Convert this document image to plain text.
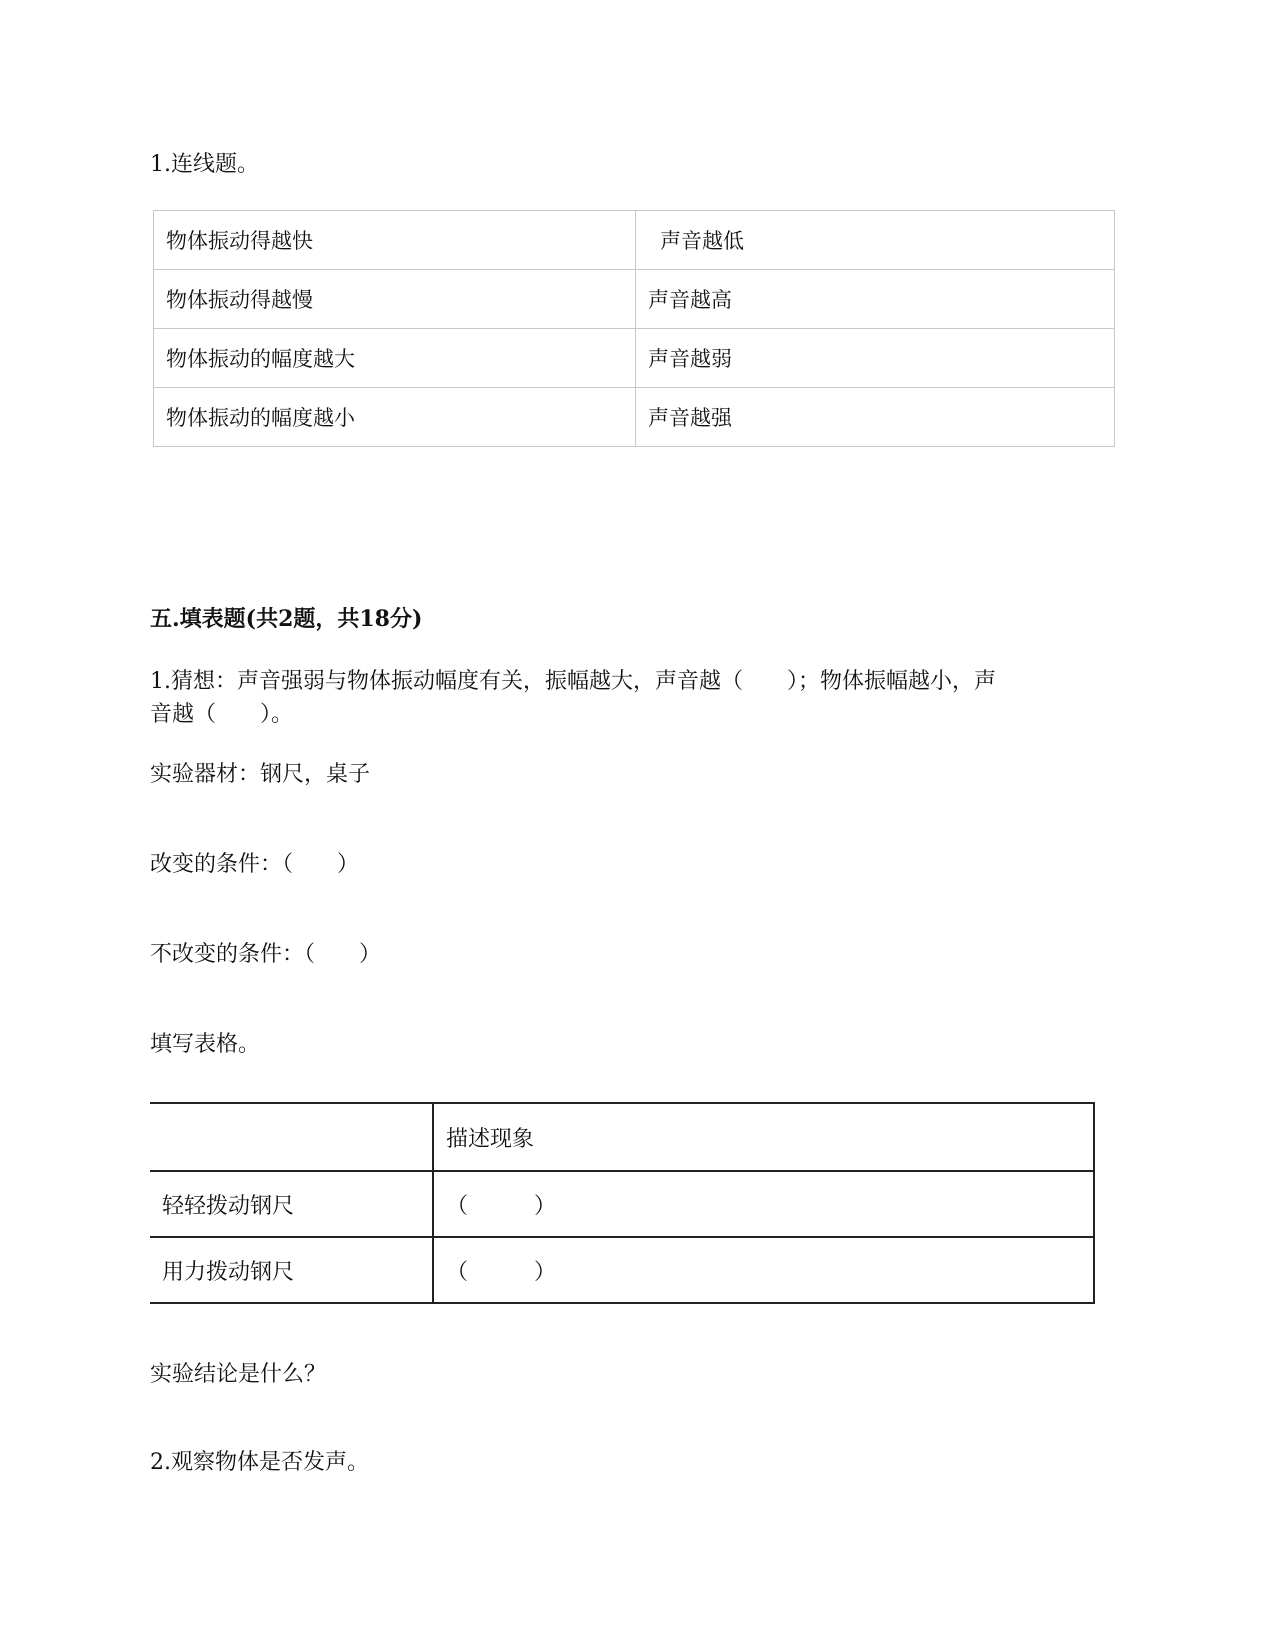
1.连线题。
物体振动得越快	声音越低
物体振动得越慢	声音越高
物体振动的幅度越大	声音越弱
物体振动的幅度越小	声音越强
五.填表题(共2题，共18分)
1.猜想：声音强弱与物体振动幅度有关，振幅越大，声音越（　　）；物体振幅越小，声
音越（　　）。
实验器材：钢尺，桌子
改变的条件：（　　）
不改变的条件：（　　）
填写表格。
	描述现象
轻轻拨动钢尺	（　　　）
用力拨动钢尺	（　　　）
实验结论是什么？
2.观察物体是否发声。
